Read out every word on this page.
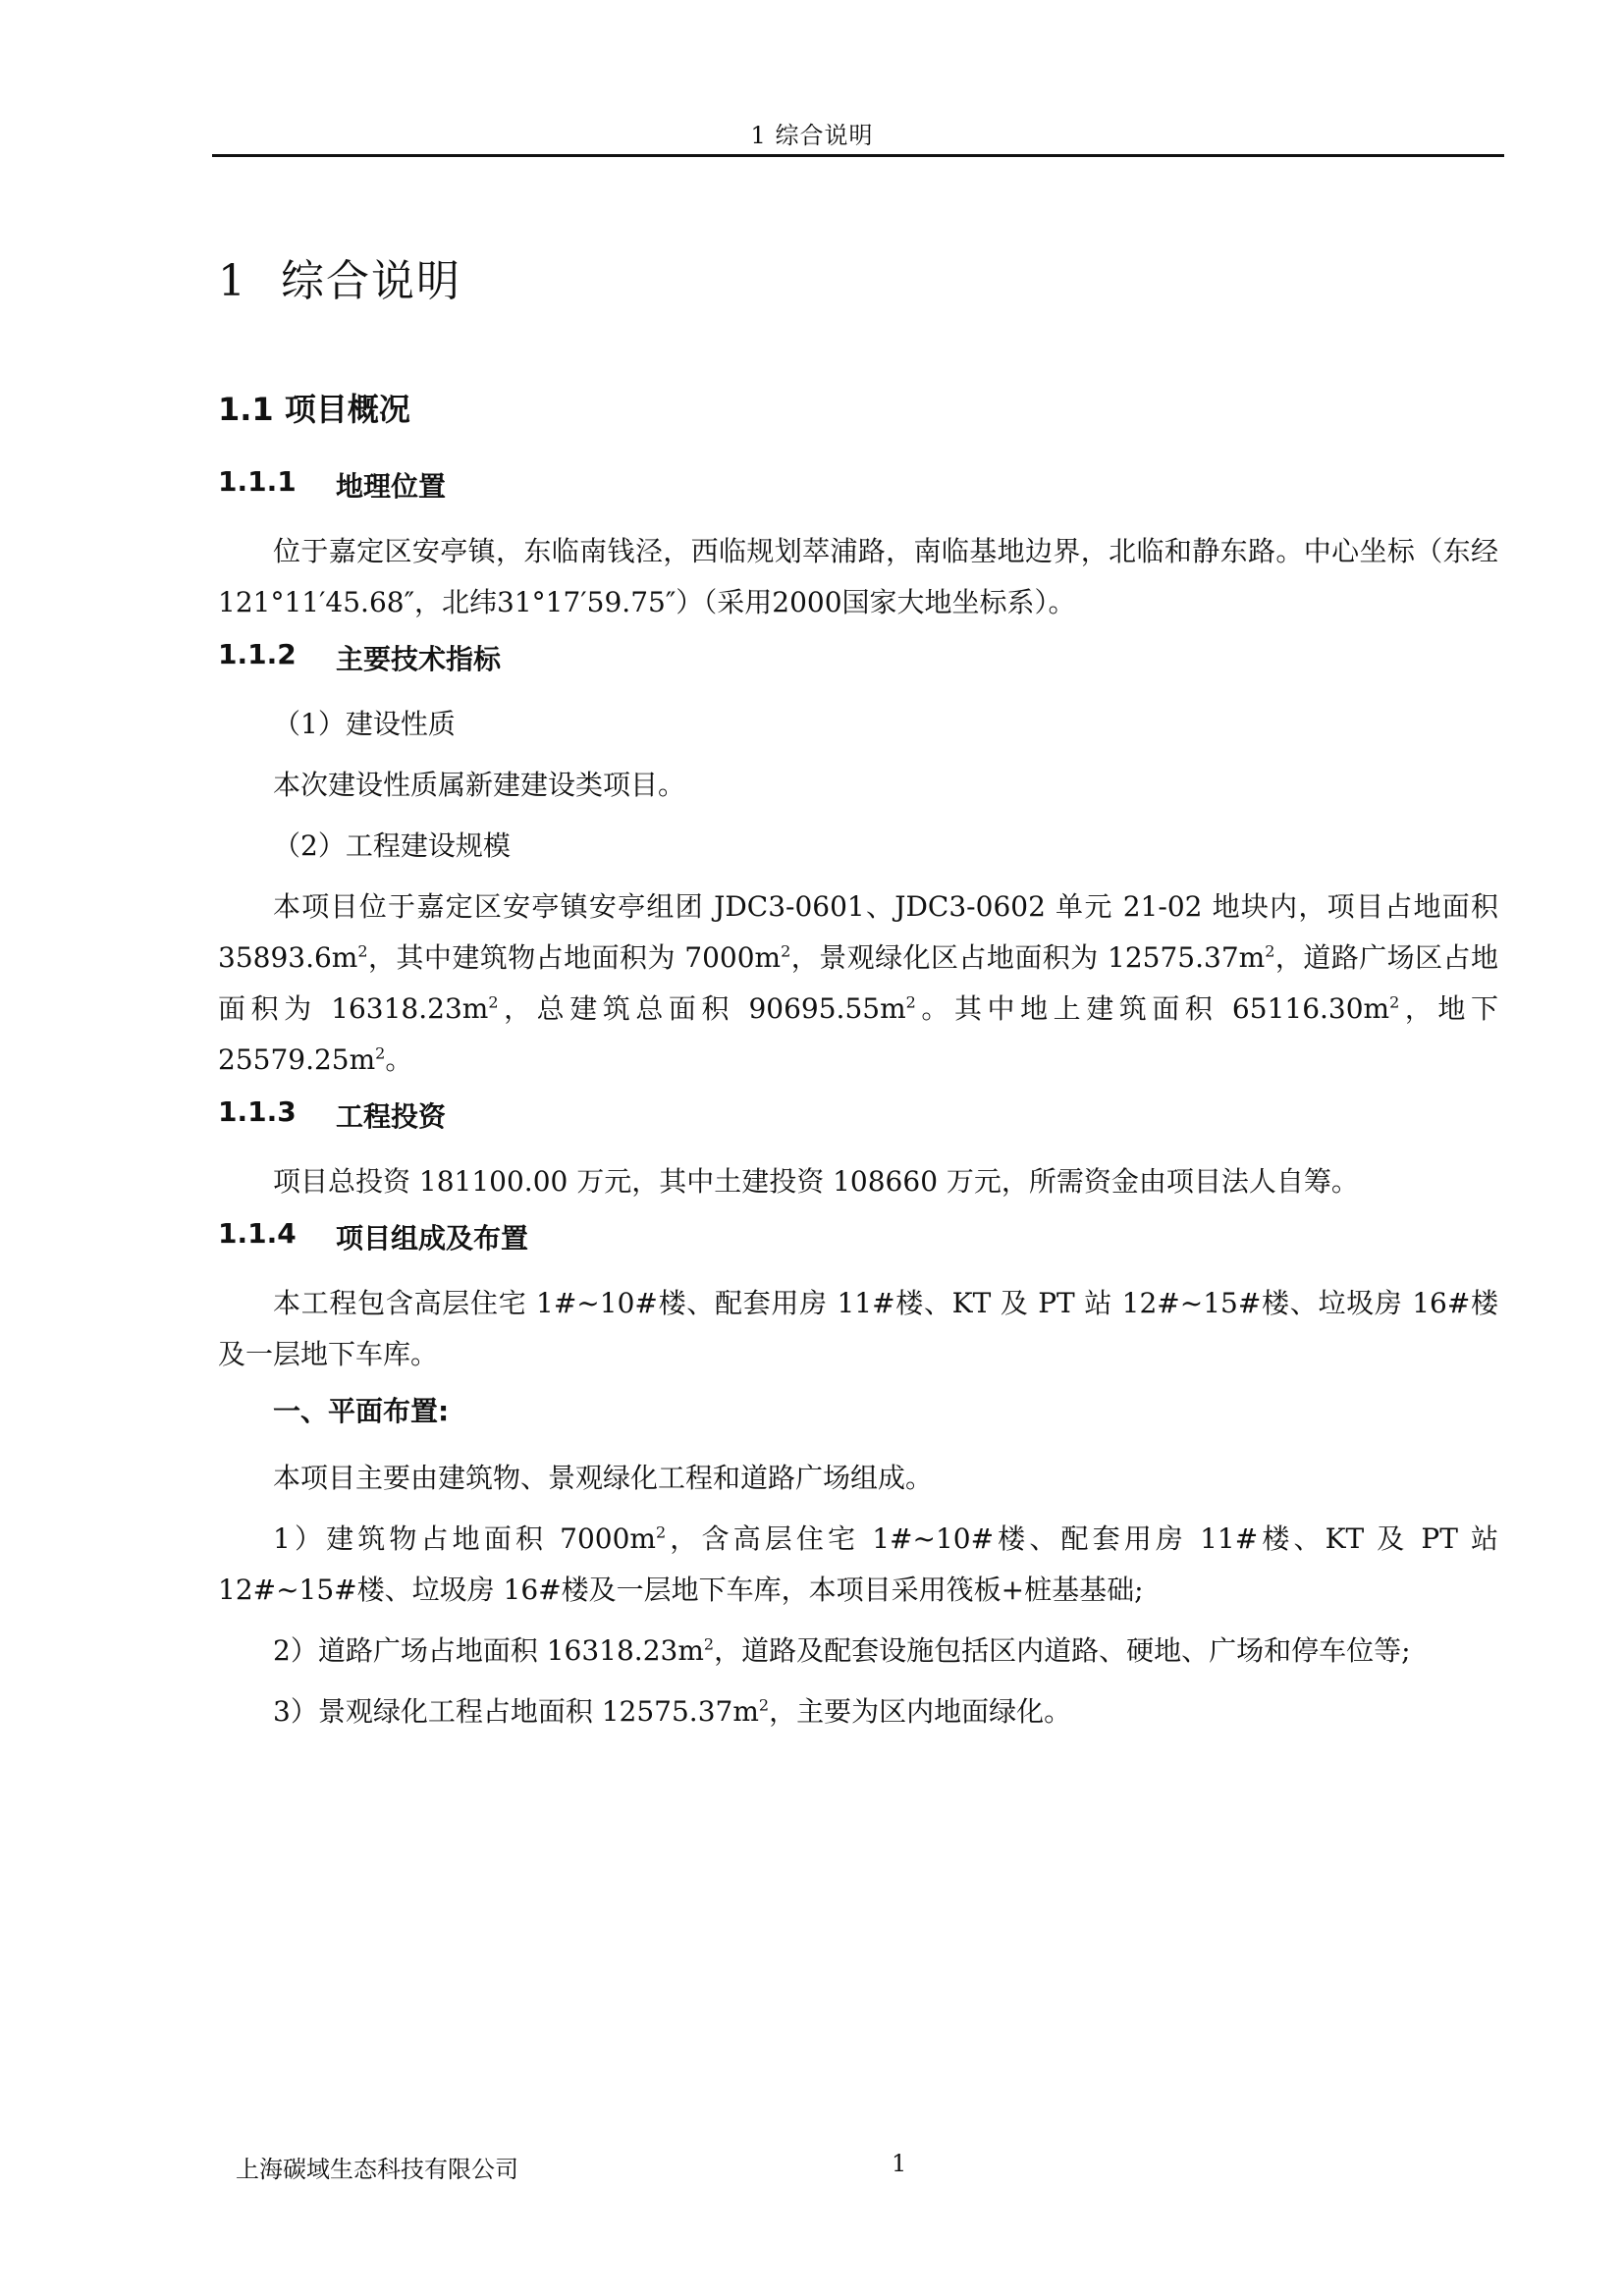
1 综合说明
1 综合说明
1.1 项目概况
1.1.1	地理位置

位于嘉定区安亭镇，东临南钱泾，西临规划萃浦路，南临基地边界，北临和静东路。中心坐标（东经121°11′45.68″，北纬31°17′59.75″）（采用2000国家大地坐标系）。

1.1.2	主要技术指标

（1）建设性质

本次建设性质属新建建设类项目。

（2）工程建设规模

本项目位于嘉定区安亭镇安亭组团 JDC3-0601、JDC3-0602 单元 21-02 地块内，项目占地面积 $35893.6m^2$，其中建筑物占地面积为 $7000m^2$，景观绿化区占地面积为 $12575.37m^2$，道路广场区占地面积为 $16318.23m^2$，总建筑总面积 $90695.55m^2$。其中地上建筑面积 $65116.30m^2$，地下 $25579.25m^2$。

1.1.3	工程投资

项目总投资 181100.00 万元，其中土建投资 108660 万元，所需资金由项目法人自筹。

1.1.4	项目组成及布置

本工程包含高层住宅 1#~10#楼、配套用房 11#楼、KT 及 PT 站 12#~15#楼、垃圾房 16#楼及一层地下车库。

一、平面布置:

本项目主要由建筑物、景观绿化工程和道路广场组成。

1）建筑物占地面积 $7000m^2$，含高层住宅 1#~10#楼、配套用房 11#楼、KT 及 PT 站 12#~15#楼、垃圾房 16#楼及一层地下车库，本项目采用筏板+桩基基础;

2）道路广场占地面积 $16318.23m^2$，道路及配套设施包括区内道路、硬地、广场和停车位等;

3）景观绿化工程占地面积 $12575.37m^2$，主要为区内地面绿化。

上海碳域生态科技有限公司	1
